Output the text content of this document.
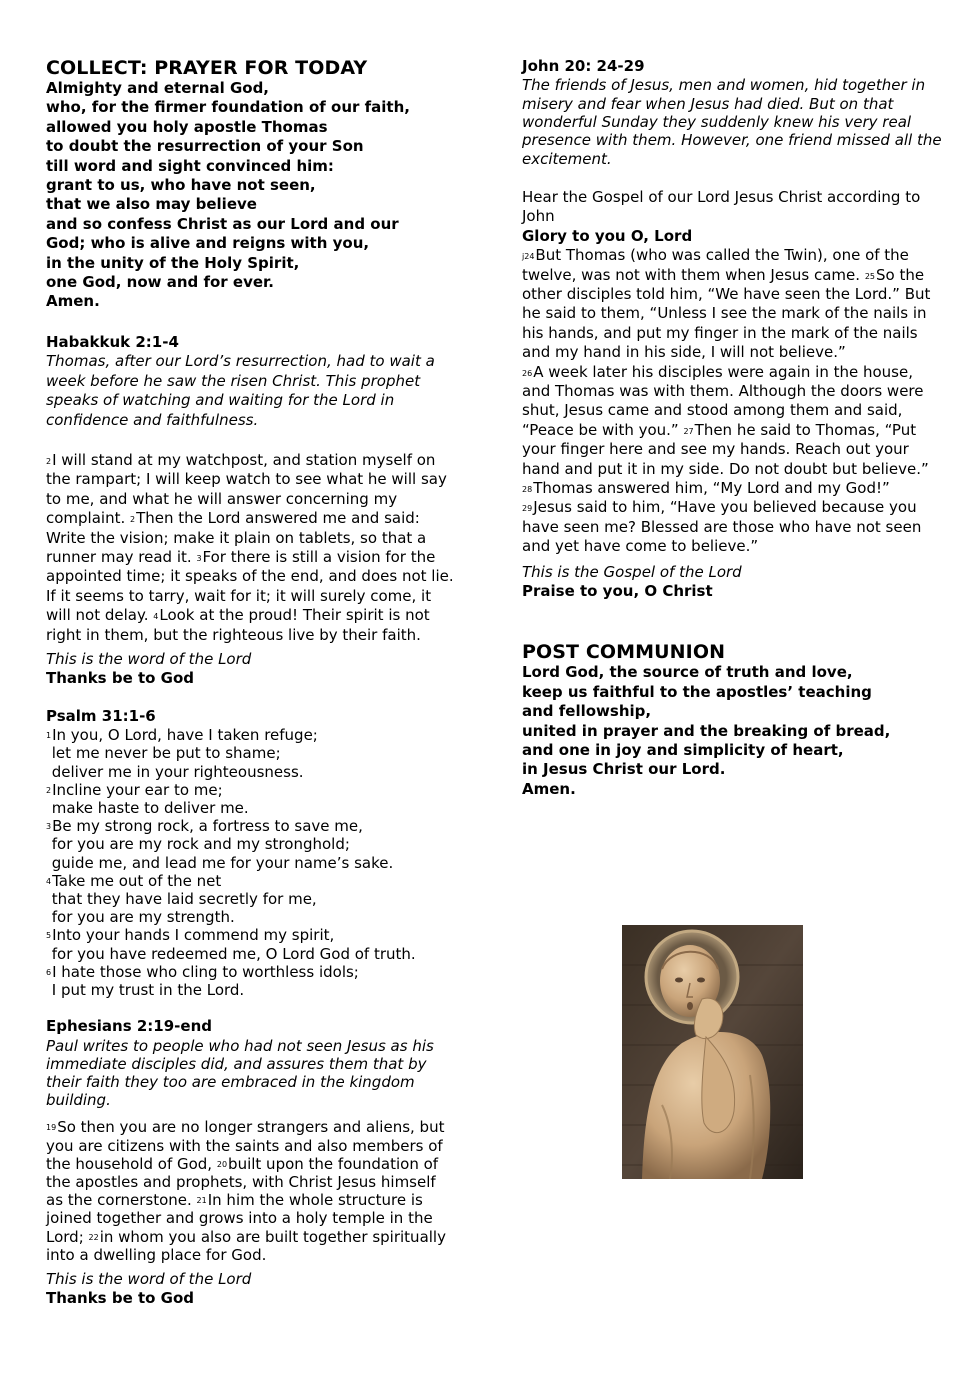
COLLECT: PRAYER FOR TODAY
Almighty and eternal God,
who, for the firmer foundation of our faith,
allowed you holy apostle Thomas
to doubt the resurrection of your Son
till word and sight convinced him:
grant to us, who have not seen,
that we also may believe
and so confess Christ as our Lord and our
God; who is alive and reigns with you,
in the unity of the Holy Spirit,
one God, now and for ever.
Amen.

Habakkuk 2:1-4

Thomas, after our Lord’s resurrection, had to wait a week before he saw the risen Christ. This prophet speaks of watching and waiting for the Lord in confidence and faithfulness.

$^2$I will stand at my watchpost, and station myself on the rampart; I will keep watch to see what he will say to me, and what he will answer concerning my complaint. $^2$Then the Lord answered me and said: Write the vision; make it plain on tablets, so that a runner may read it. $^3$For there is still a vision for the appointed time; it speaks of the end, and does not lie. If it seems to tarry, wait for it; it will surely come, it will not delay. $^4$Look at the proud! Their spirit is not right in them, but the righteous live by their faith.

This is the word of the Lord

Thanks be to God

Psalm 31:1-6

$^1$In you, O Lord, have I taken refuge;
let me never be put to shame;
deliver me in your righteousness.
$^2$Incline your ear to me;
make haste to deliver me.
$^3$Be my strong rock, a fortress to save me,
for you are my rock and my stronghold;
guide me, and lead me for your name’s sake.
$^4$Take me out of the net
that they have laid secretly for me,
for you are my strength.
$^5$Into your hands I commend my spirit,
for you have redeemed me, O Lord God of truth.
$^6$I hate those who cling to worthless idols;
I put my trust in the Lord.

Ephesians 2:19-end

Paul writes to people who had not seen Jesus as his immediate disciples did, and assures them that by their faith they too are embraced in the kingdom building.

$^{19}$So then you are no longer strangers and aliens, but you are citizens with the saints and also members of the household of God, $^{20}$built upon the foundation of the apostles and prophets, with Christ Jesus himself as the cornerstone. $^{21}$In him the whole structure is joined together and grows into a holy temple in the Lord; $^{22}$in whom you also are built together spiritually into a dwelling place for God.

This is the word of the Lord

Thanks be to God

John 20: 24-29

The friends of Jesus, men and women, hid together in misery and fear when Jesus had died. But on that wonderful Sunday they suddenly knew his very real presence with them. However, one friend missed all the excitement.

Hear the Gospel of our Lord Jesus Christ according to John

Glory to you O, Lord

$^{j24}$But Thomas (who was called the Twin), one of the twelve, was not with them when Jesus came. $^{25}$So the other disciples told him, “We have seen the Lord.” But he said to them, “Unless I see the mark of the nails in his hands, and put my finger in the mark of the nails and my hand in his side, I will not believe.”
$^{26}$A week later his disciples were again in the house, and Thomas was with them. Although the doors were shut, Jesus came and stood among them and said, “Peace be with you.” $^{27}$Then he said to Thomas, “Put your finger here and see my hands. Reach out your hand and put it in my side. Do not doubt but believe.” $^{28}$Thomas answered him, “My Lord and my God!” $^{29}$Jesus said to him, “Have you believed because you have seen me? Blessed are those who have not seen and yet have come to believe.”

This is the Gospel of the Lord

Praise to you, O Christ

POST COMMUNION
Lord God, the source of truth and love,
keep us faithful to the apostles’ teaching
and fellowship,
united in prayer and the breaking of bread,
and one in joy and simplicity of heart,
in Jesus Christ our Lord.
Amen.
